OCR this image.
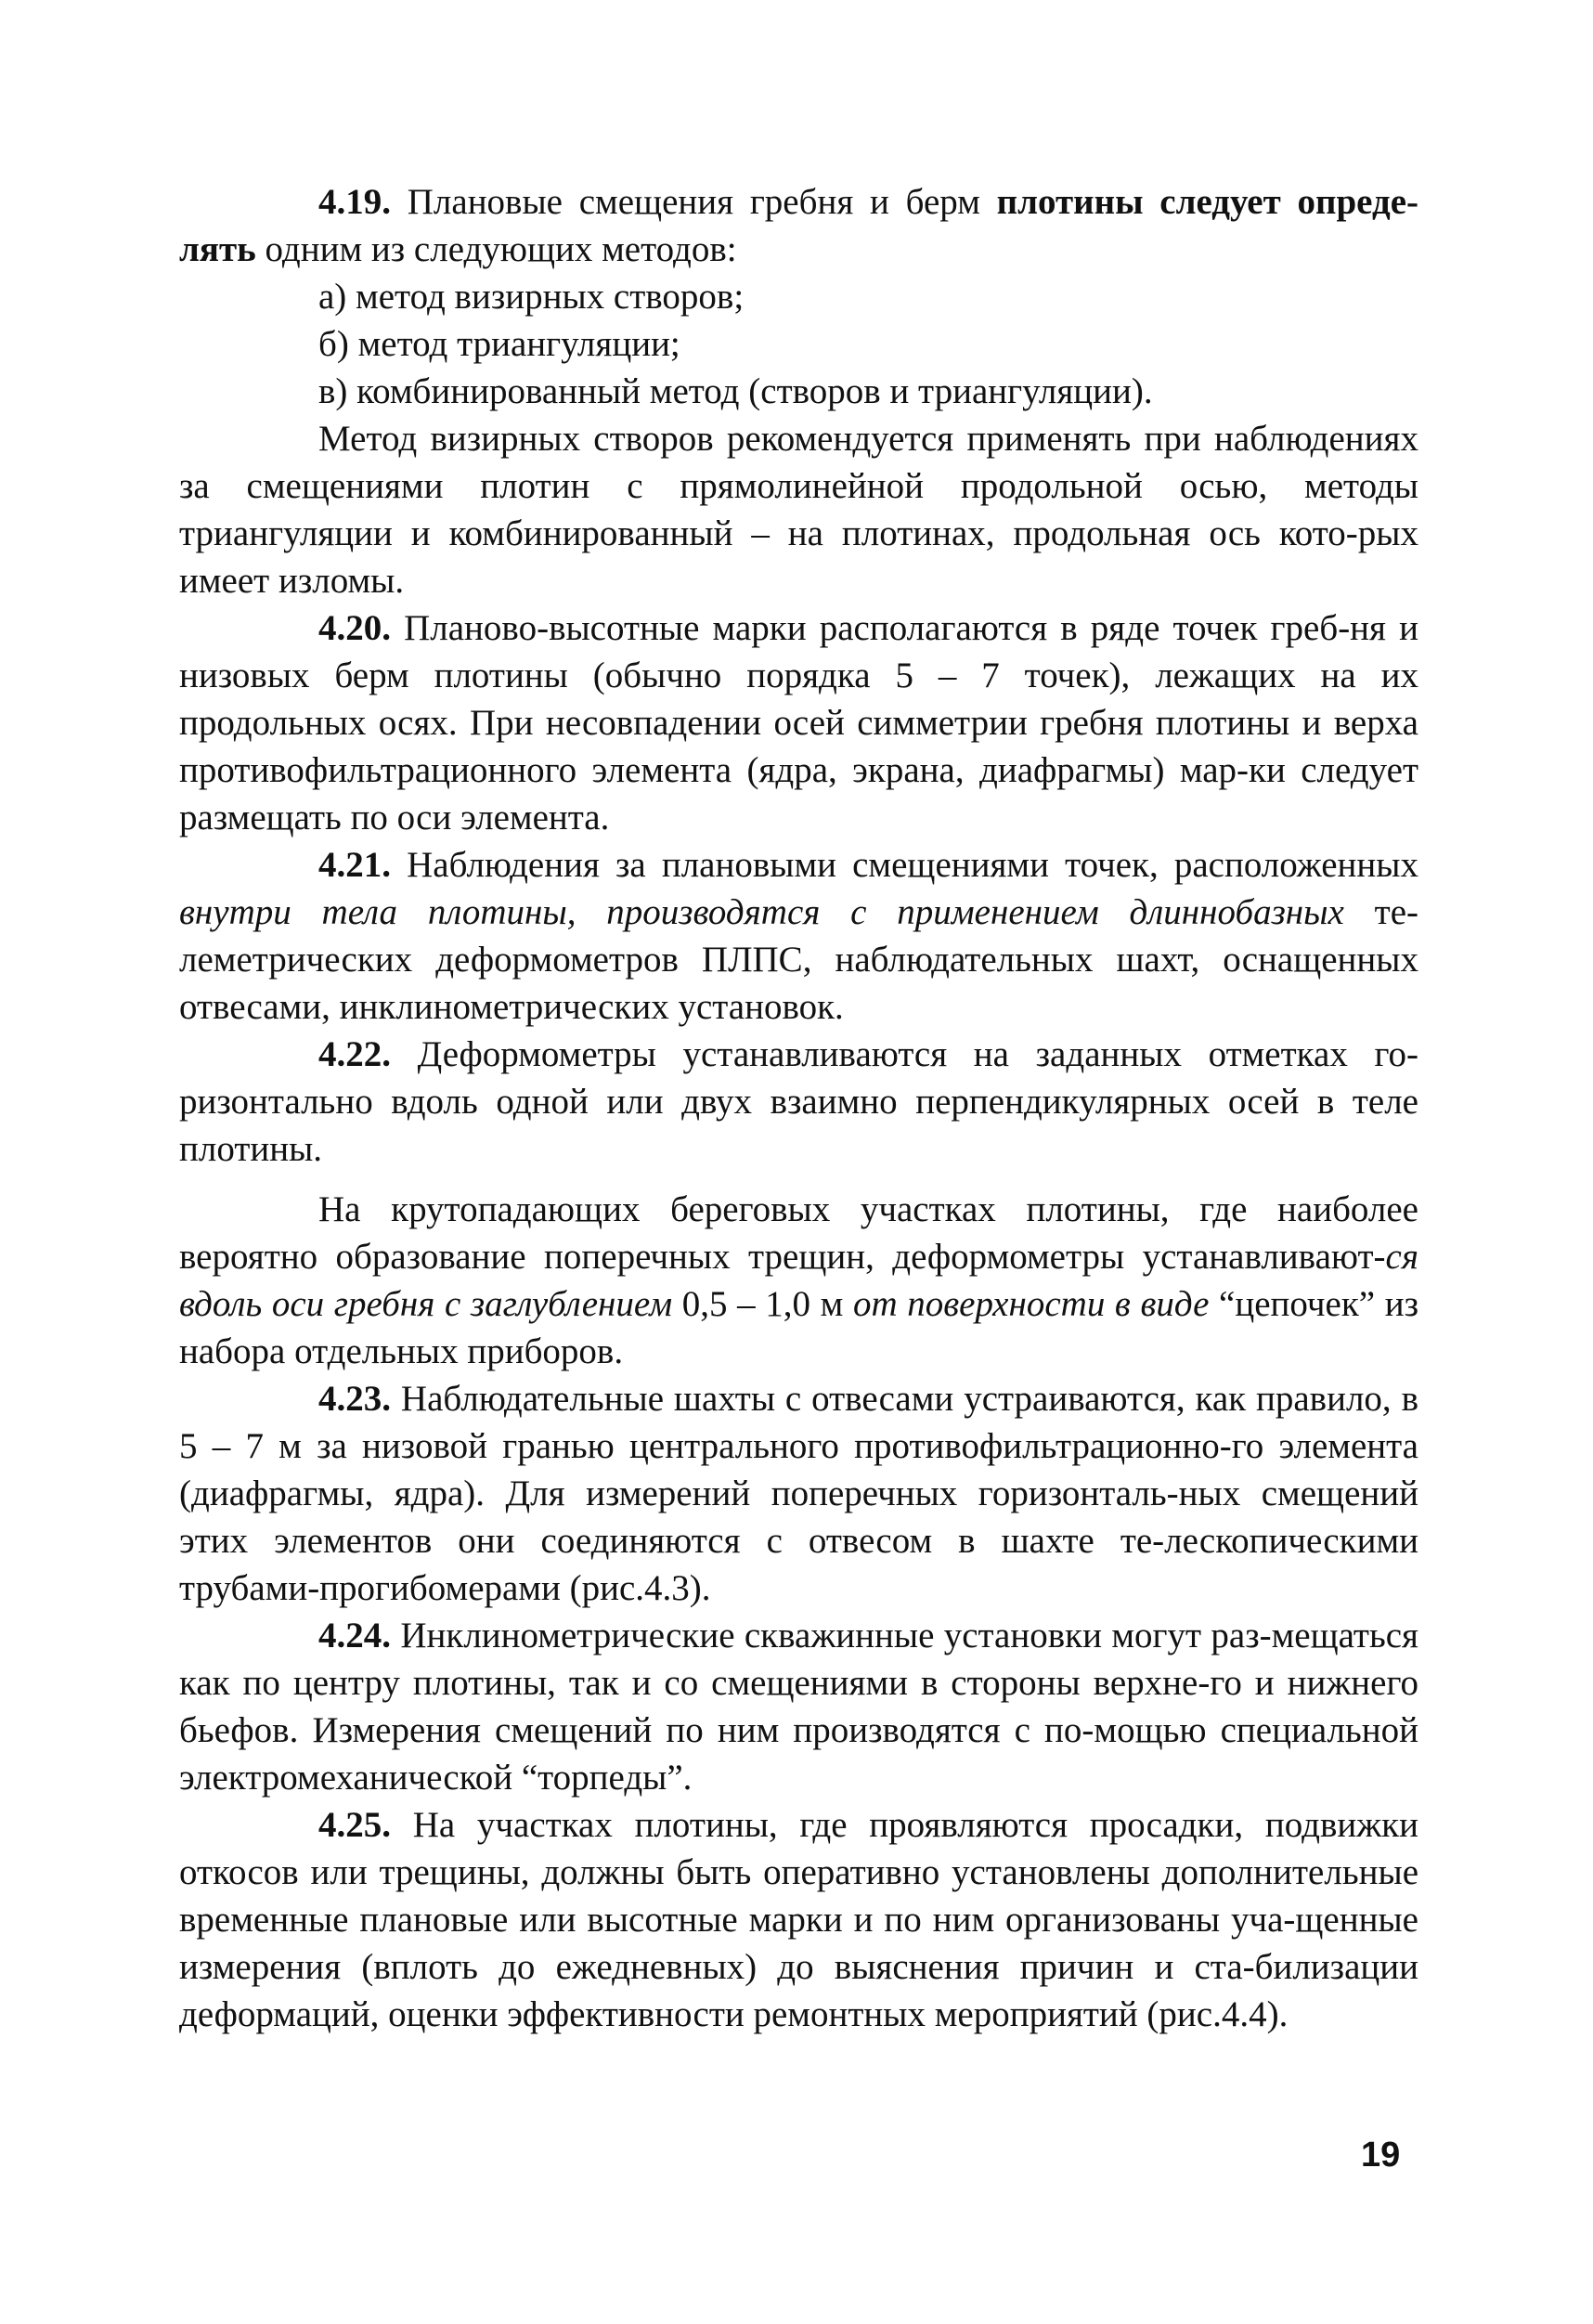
4.19. Плановые смещения гребня и берм плотины следует опреде-лять одним из следующих методов:

а) метод визирных створов;

б) метод триангуляции;

в) комбинированный метод (створов и триангуляции).

Метод визирных створов рекомендуется применять при наблюдениях за смещениями плотин с прямолинейной продольной осью, методы триангуляции и комбинированный – на плотинах, продольная ось кото-рых имеет изломы.

4.20. Планово-высотные марки располагаются в ряде точек греб-ня и низовых берм плотины (обычно порядка 5 – 7 точек), лежащих на их продольных осях. При несовпадении осей симметрии гребня плотины и верха противофильтрационного элемента (ядра, экрана, диафрагмы) мар-ки следует размещать по оси элемента.

4.21. Наблюдения за плановыми смещениями точек, расположенных внутри тела плотины, производятся с применением длиннобазных те-леметрических деформометров ПЛПС, наблюдательных шахт, оснащенных отвесами, инклинометрических установок.

4.22. Деформометры устанавливаются на заданных отметках го-ризонтально вдоль одной или двух взаимно перпендикулярных осей в теле плотины.

На крутопадающих береговых участках плотины, где наиболее вероятно образование поперечных трещин, деформометры устанавливают-ся вдоль оси гребня с заглублением 0,5 – 1,0 м от поверхности в виде “цепочек” из набора отдельных приборов.

4.23. Наблюдательные шахты с отвесами устраиваются, как правило, в 5 – 7 м за низовой гранью центрального противофильтрационно-го элемента (диафрагмы, ядра). Для измерений поперечных горизонталь-ных смещений этих элементов они соединяются с отвесом в шахте те-лескопическими трубами-прогибомерами (рис.4.3).

4.24. Инклинометрические скважинные установки могут раз-мещаться как по центру плотины, так и со смещениями в стороны верхне-го и нижнего бьефов. Измерения смещений по ним производятся с по-мощью специальной электромеханической “торпеды”.

4.25. На участках плотины, где проявляются просадки, подвижки откосов или трещины, должны быть оперативно установлены дополнительные временные плановые или высотные марки и по ним организованы уча-щенные измерения (вплоть до ежедневных) до выяснения причин и ста-билизации деформаций, оценки эффективности ремонтных мероприятий (рис.4.4).

19
